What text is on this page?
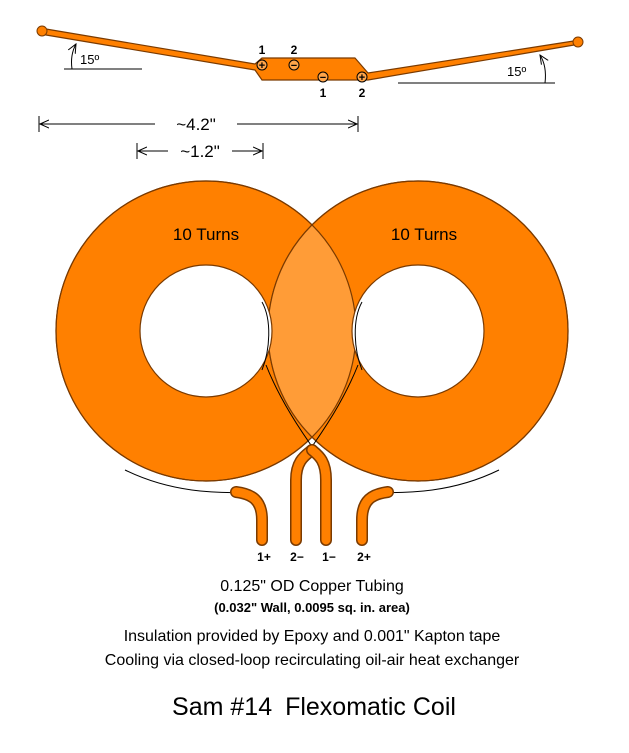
15º
15º
+ −
−	+
1 2
1	2
~4.2"
~1.2"
10 Turns	10 Turns
1+ 2− 1− 2+
0.125" OD Copper Tubing
(0.032" Wall, 0.0095 sq. in. area)
Insulation provided by Epoxy and 0.001" Kapton tape
Cooling via closed-loop recirculating oil-air heat exchanger
Sam #14 Flexomatic Coil
